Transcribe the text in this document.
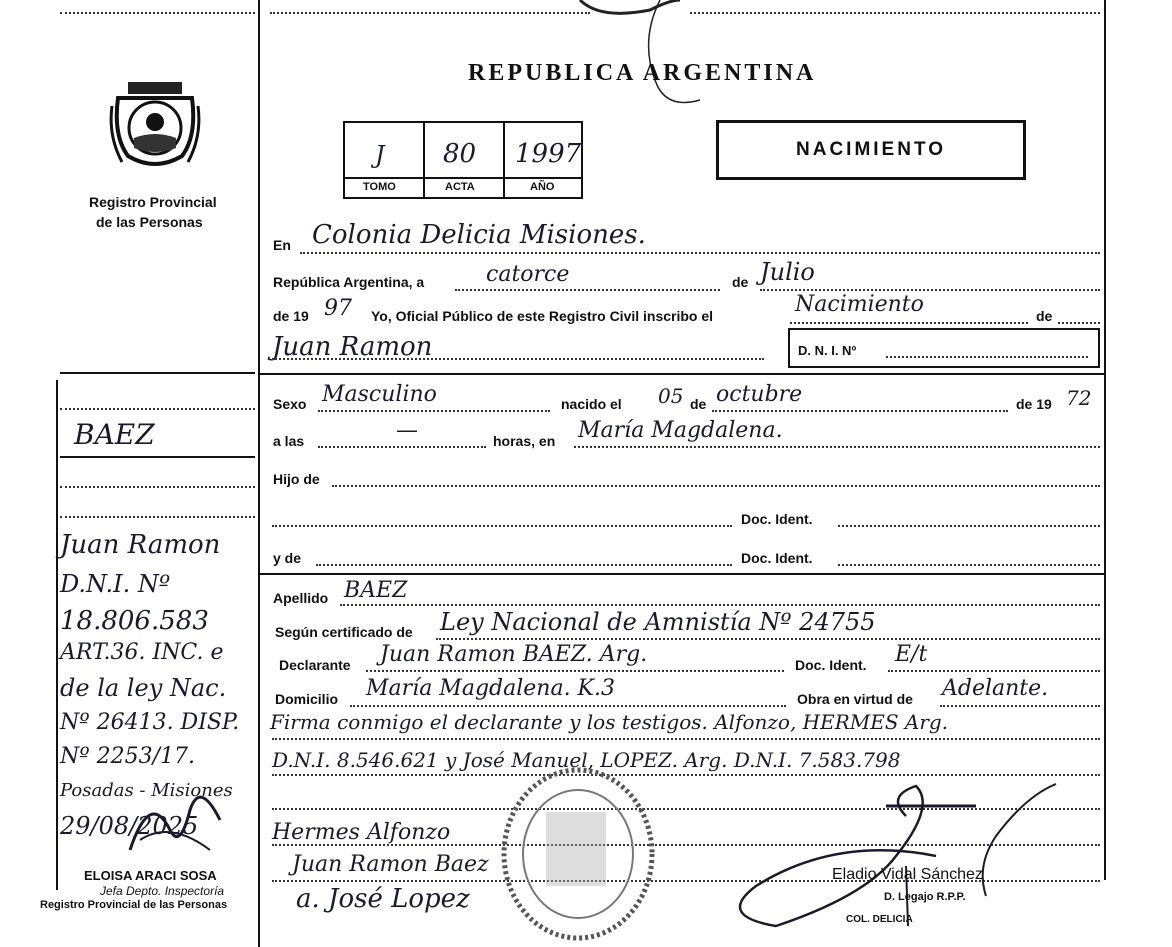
REPUBLICA ARGENTINA
J 80 1997
TOMO	ACTA	AÑO
NACIMIENTO
Registro Provincial
de las Personas
BAEZ
Juan Ramon
D.N.I. Nº
18.806.583
ART.36. INC. e
de la ley Nac.
Nº 26413. DISP.
Nº 2253/17.
Posadas - Misiones
29/08/2025
ELOISA ARACI SOSA
Jefa Depto. Inspectoría
Registro Provincial de las Personas
En Colonia Delicia Misiones.
República Argentina, a	catorce	de Julio
de 19 97 Yo, Oficial Público de este Registro Civil inscribo el	Nacimiento	de
Juan Ramon	D. N. I. Nº
Sexo Masculino	nacido el 05 de octubre	de 19 72
a las	—	horas, en María Magdalena.
Hijo de
Doc. Ident.
y de	Doc. Ident.
Apellido BAEZ
Según certificado de Ley Nacional de Amnistía Nº 24755
Declarante Juan Ramon BAEZ. Arg.	Doc. Ident. E/t
Domicilio María Magdalena. K.3	Obra en virtud de Adelante.
Firma conmigo el declarante y los testigos. Alfonzo, HERMES Arg.
D.N.I. 8.546.621 y José Manuel, LOPEZ. Arg. D.N.I. 7.583.798
Hermes Alfonzo
Juan Ramon Baez
a. José Lopez
Eladio Vidal Sánchez
D. Legajo R.P.P.
COL. DELICIA
